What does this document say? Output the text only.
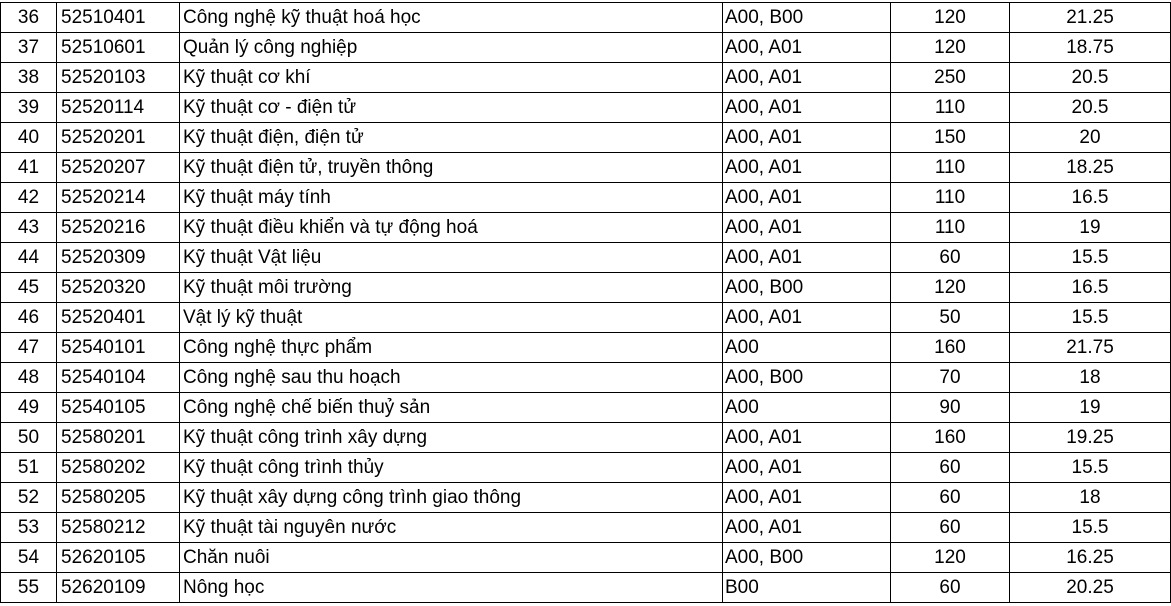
36	52510401	Công nghệ kỹ thuật hoá học	A00, B00	120	21.25
37	52510601	Quản lý công nghiệp	A00, A01	120	18.75
38	52520103	Kỹ thuật cơ khí	A00, A01	250	20.5
39	52520114	Kỹ thuật cơ - điện tử	A00, A01	110	20.5
40	52520201	Kỹ thuật điện, điện tử	A00, A01	150	20
41	52520207	Kỹ thuật điện tử, truyền thông	A00, A01	110	18.25
42	52520214	Kỹ thuật máy tính	A00, A01	110	16.5
43	52520216	Kỹ thuật điều khiển và tự động hoá	A00, A01	110	19
44	52520309	Kỹ thuật Vật liệu	A00, A01	60	15.5
45	52520320	Kỹ thuật môi trường	A00, B00	120	16.5
46	52520401	Vật lý kỹ thuật	A00, A01	50	15.5
47	52540101	Công nghệ thực phẩm	A00	160	21.75
48	52540104	Công nghệ sau thu hoạch	A00, B00	70	18
49	52540105	Công nghệ chế biến thuỷ sản	A00	90	19
50	52580201	Kỹ thuật công trình xây dựng	A00, A01	160	19.25
51	52580202	Kỹ thuật công trình thủy	A00, A01	60	15.5
52	52580205	Kỹ thuật xây dựng công trình giao thông	A00, A01	60	18
53	52580212	Kỹ thuật tài nguyên nước	A00, A01	60	15.5
54	52620105	Chăn nuôi	A00, B00	120	16.25
55	52620109	Nông học	B00	60	20.25
